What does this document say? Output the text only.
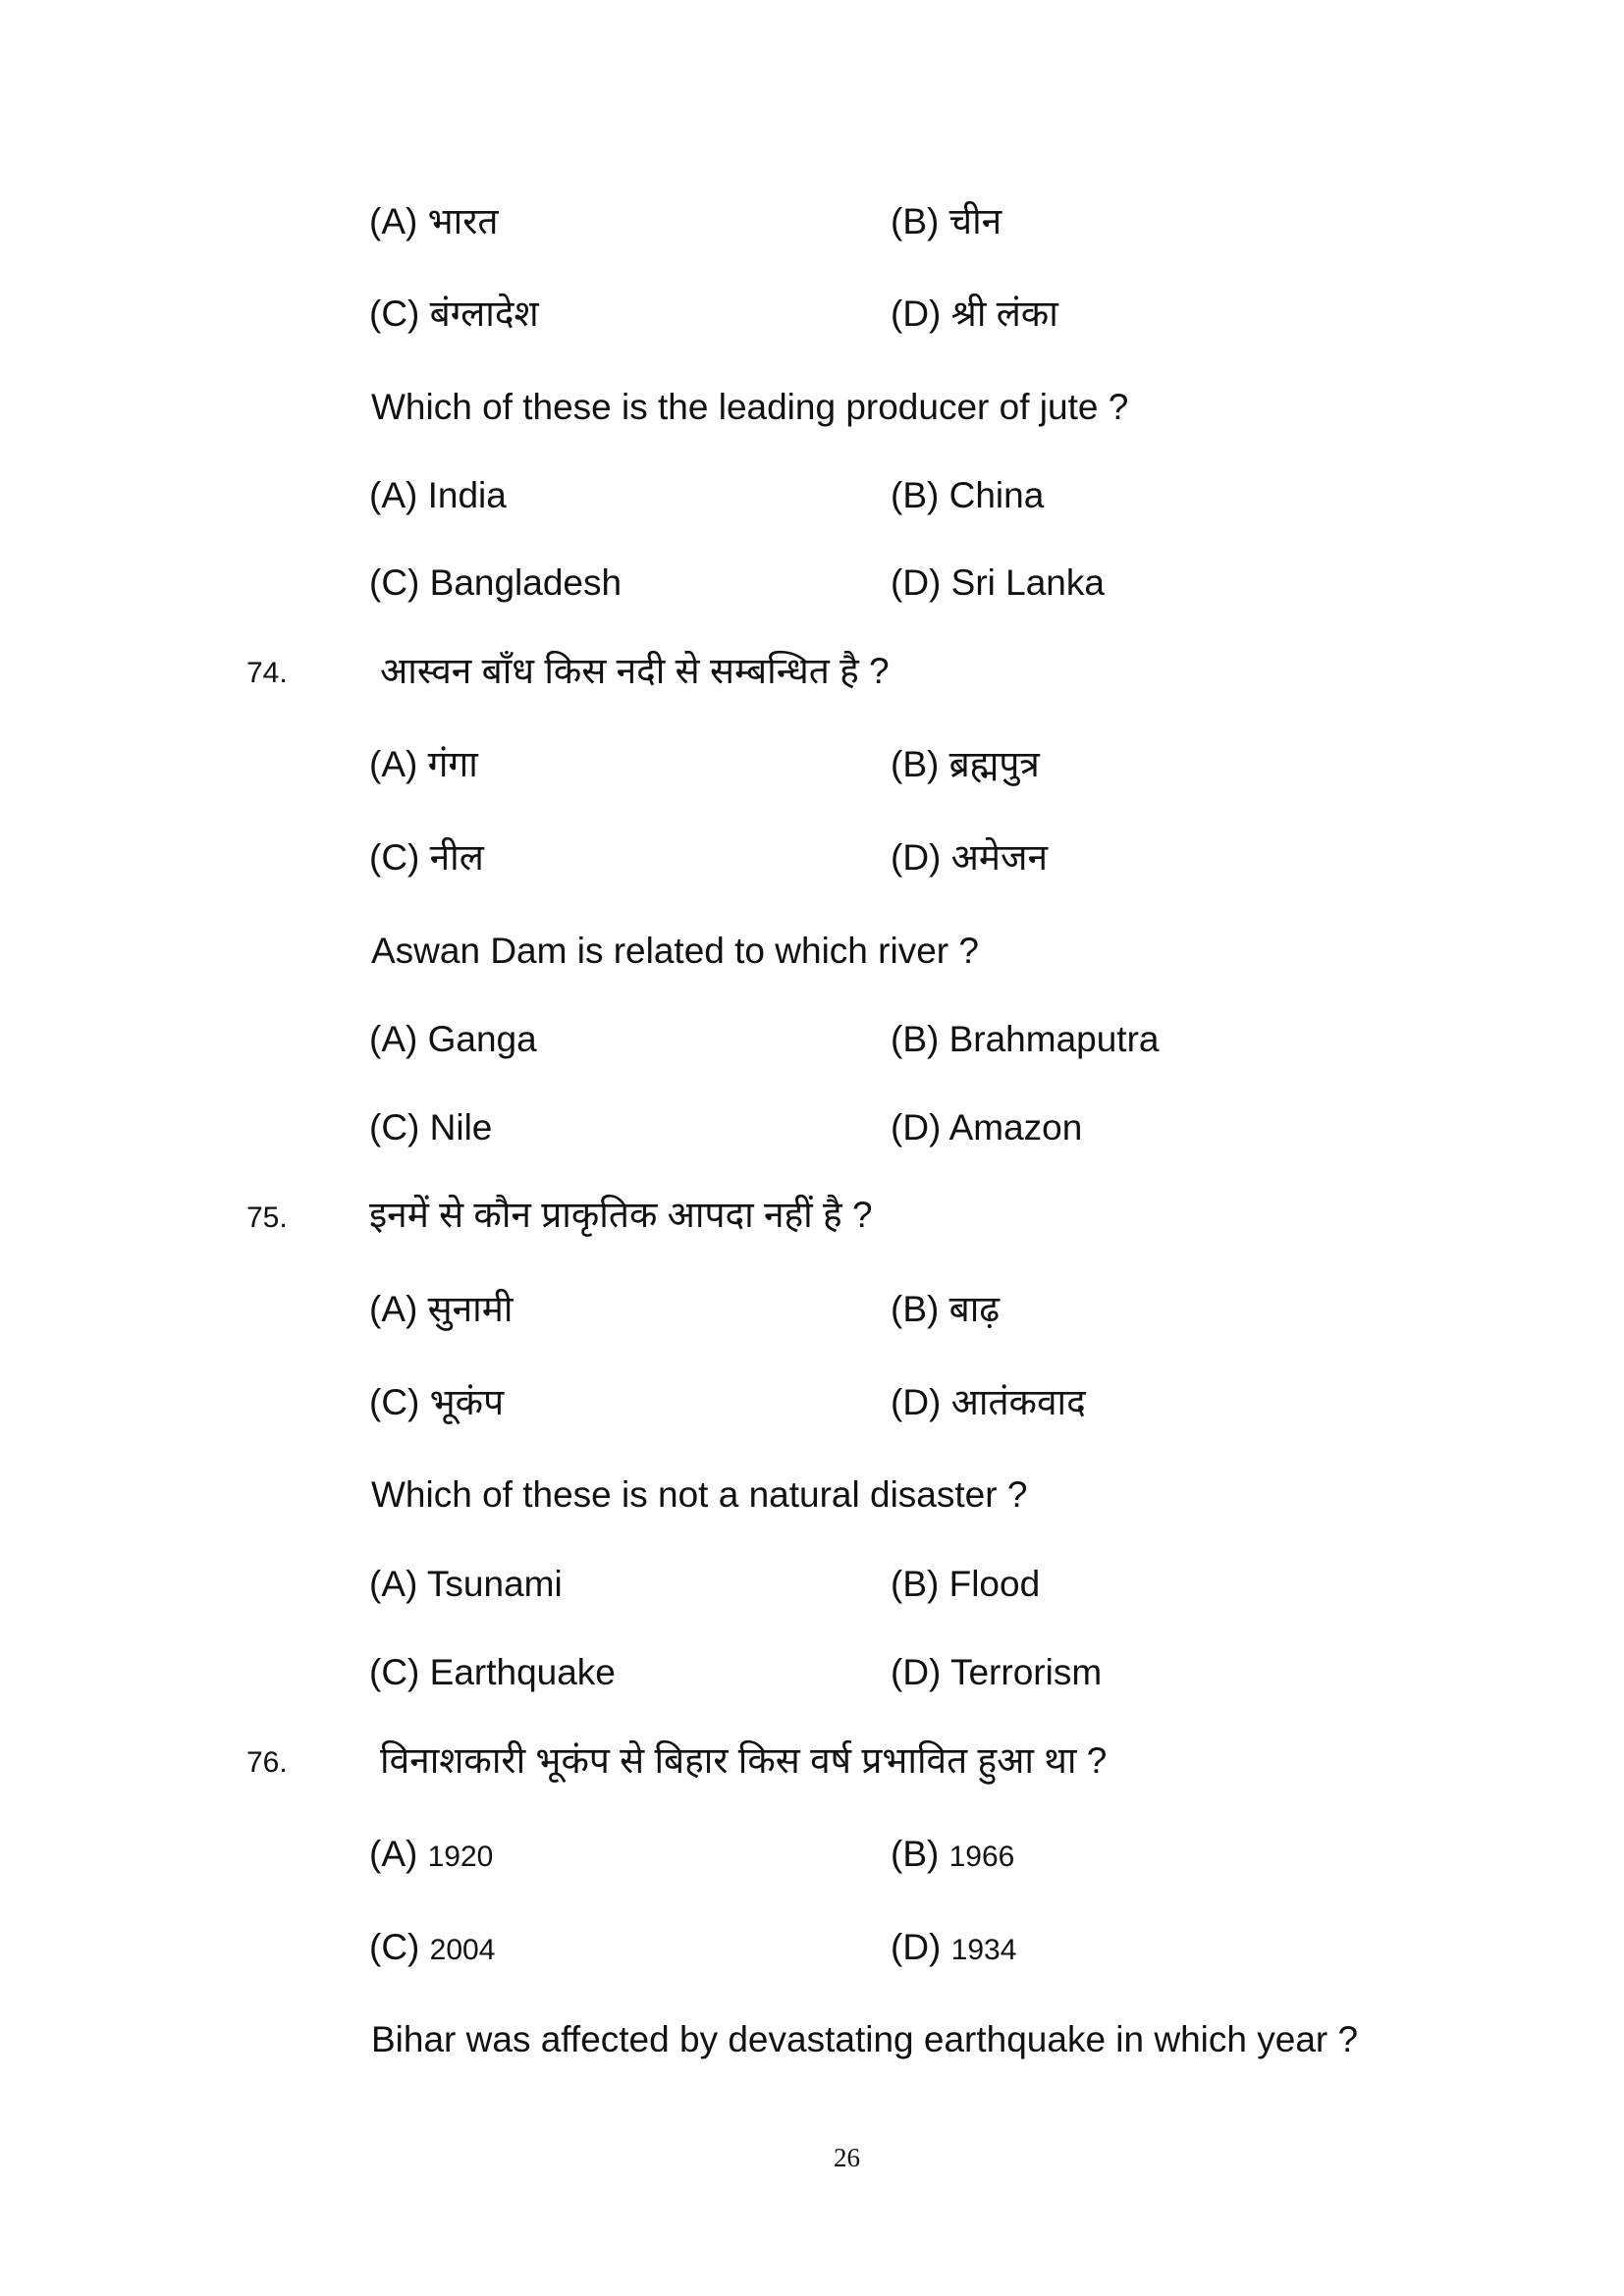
(A) भारत	(B) चीन
(C) बंग्लादेश	(D) श्री लंका
Which of these is the leading producer of jute ?
(A) India	(B) China
(C) Bangladesh	(D) Sri Lanka
74.	आस्वन बाँध किस नदी से सम्बन्धित है ?
(A) गंगा	(B) ब्रह्मपुत्र
(C) नील	(D) अमेजन
Aswan Dam is related to which river ?
(A) Ganga	(B) Brahmaputra
(C) Nile	(D) Amazon
75. इनमें से कौन प्राकृतिक आपदा नहीं है ?
(A) सुनामी	(B) बाढ़
(C) भूकंप	(D) आतंकवाद
Which of these is not a natural disaster ?
(A) Tsunami	(B) Flood
(C) Earthquake	(D) Terrorism
76.	विनाशकारी भूकंप से बिहार किस वर्ष प्रभावित हुआ था ?
(A) 1920	(B) 1966
(C) 2004	(D) 1934
Bihar was affected by devastating earthquake in which year ?
26
